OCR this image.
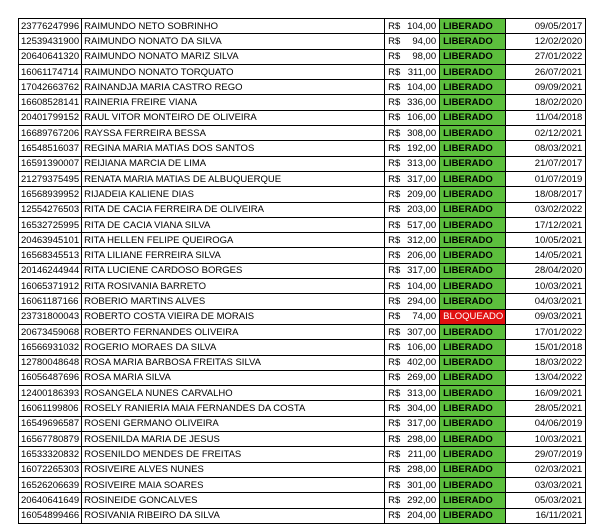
23776247996	RAIMUNDO NETO SOBRINHO	R$	104,00	LIBERADO	09/05/2017
12539431900	RAIMUNDO NONATO DA SILVA	R$	94,00	LIBERADO	12/02/2020
20640641320	RAIMUNDO NONATO MARIZ SILVA	R$	98,00	LIBERADO	27/01/2022
16061174714	RAIMUNDO NONATO TORQUATO	R$	311,00	LIBERADO	26/07/2021
17042663762	RAINANDJA MARIA CASTRO REGO	R$	104,00	LIBERADO	09/09/2021
16608528141	RAINERIA FREIRE VIANA	R$	336,00	LIBERADO	18/02/2020
20401799152	RAUL VITOR MONTEIRO DE OLIVEIRA	R$	106,00	LIBERADO	11/04/2018
16689767206	RAYSSA FERREIRA BESSA	R$	308,00	LIBERADO	02/12/2021
16548516037	REGINA MARIA MATIAS DOS SANTOS	R$	192,00	LIBERADO	08/03/2021
16591390007	REIJIANA MARCIA DE LIMA	R$	313,00	LIBERADO	21/07/2017
21279375495	RENATA MARIA MATIAS DE ALBUQUERQUE	R$	317,00	LIBERADO	01/07/2019
16568939952	RIJADEIA KALIENE DIAS	R$	209,00	LIBERADO	18/08/2017
12554276503	RITA DE CACIA FERREIRA DE OLIVEIRA	R$	203,00	LIBERADO	03/02/2022
16532725995	RITA DE CACIA VIANA SILVA	R$	517,00	LIBERADO	17/12/2021
20463945101	RITA HELLEN FELIPE QUEIROGA	R$	312,00	LIBERADO	10/05/2021
16568345513	RITA LILIANE FERREIRA SILVA	R$	206,00	LIBERADO	14/05/2021
20146244944	RITA LUCIENE CARDOSO BORGES	R$	317,00	LIBERADO	28/04/2020
16065371912	RITA ROSIVANIA BARRETO	R$	104,00	LIBERADO	10/03/2021
16061187166	ROBERIO MARTINS ALVES	R$	294,00	LIBERADO	04/03/2021
23731800043	ROBERTO COSTA VIEIRA DE MORAIS	R$	74,00	BLOQUEADO	09/03/2021
20673459068	ROBERTO FERNANDES OLIVEIRA	R$	307,00	LIBERADO	17/01/2022
16566931032	ROGERIO MORAES DA SILVA	R$	106,00	LIBERADO	15/01/2018
12780048648	ROSA MARIA BARBOSA FREITAS SILVA	R$	402,00	LIBERADO	18/03/2022
16056487696	ROSA MARIA SILVA	R$	269,00	LIBERADO	13/04/2022
12400186393	ROSANGELA NUNES CARVALHO	R$	313,00	LIBERADO	16/09/2021
16061199806	ROSELY RANIERIA MAIA FERNANDES DA COSTA	R$	304,00	LIBERADO	28/05/2021
16549696587	ROSENI GERMANO OLIVEIRA	R$	317,00	LIBERADO	04/06/2019
16567780879	ROSENILDA MARIA DE JESUS	R$	298,00	LIBERADO	10/03/2021
16533320832	ROSENILDO MENDES DE FREITAS	R$	211,00	LIBERADO	29/07/2019
16072265303	ROSIVEIRE ALVES NUNES	R$	298,00	LIBERADO	02/03/2021
16526206639	ROSIVEIRE MAIA SOARES	R$	301,00	LIBERADO	03/03/2021
20640641649	ROSINEIDE GONCALVES	R$	292,00	LIBERADO	05/03/2021
16054899466	ROSIVANIA RIBEIRO DA SILVA	R$	204,00	LIBERADO	16/11/2021
